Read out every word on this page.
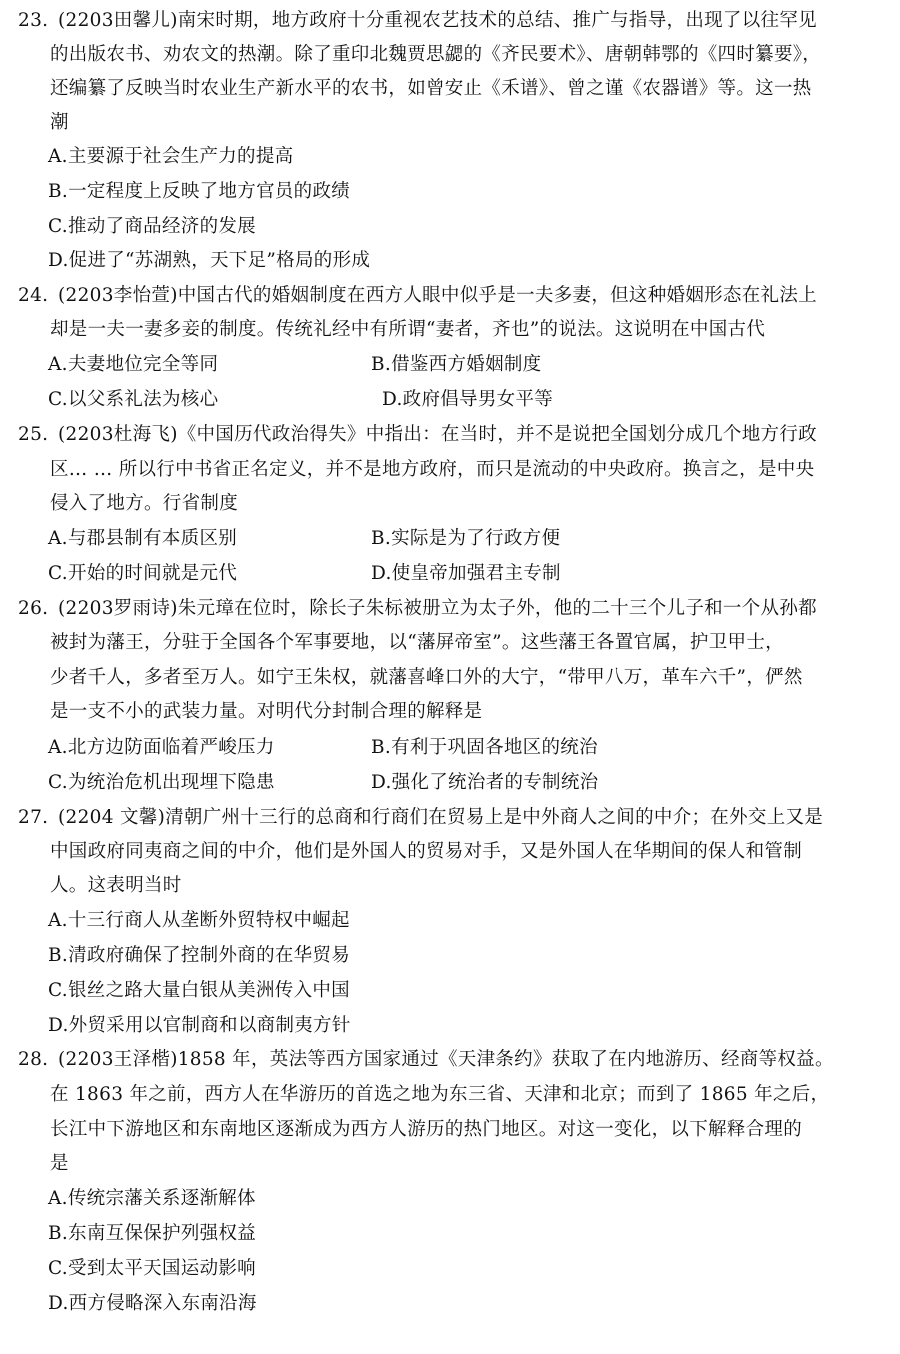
23. (2203田馨儿)南宋时期，地方政府十分重视农艺技术的总结、推广与指导，出现了以往罕见
的出版农书、劝农文的热潮。除了重印北魏贾思勰的《齐民要术》、唐朝韩鄂的《四时纂要》，
还编纂了反映当时农业生产新水平的农书，如曾安止《禾谱》、曾之谨《农器谱》等。这一热
潮
A.主要源于社会生产力的提高
B.一定程度上反映了地方官员的政绩
C.推动了商品经济的发展
D.促进了“苏湖熟，天下足”格局的形成
24. (2203李怡萱)中国古代的婚姻制度在西方人眼中似乎是一夫多妻，但这种婚姻形态在礼法上
却是一夫一妻多妾的制度。传统礼经中有所谓“妻者，齐也”的说法。这说明在中国古代
A.夫妻地位完全等同	B.借鉴西方婚姻制度
C.以父系礼法为核心	D.政府倡导男女平等
25. (2203杜海飞)《中国历代政治得失》中指出：在当时，并不是说把全国划分成几个地方行政
区… … 所以行中书省正名定义，并不是地方政府，而只是流动的中央政府。换言之，是中央
侵入了地方。行省制度
A.与郡县制有本质区别	B.实际是为了行政方便
C.开始的时间就是元代	D.使皇帝加强君主专制
26. (2203罗雨诗)朱元璋在位时，除长子朱标被册立为太子外，他的二十三个儿子和一个从孙都
被封为藩王，分驻于全国各个军事要地，以“藩屏帝室”。这些藩王各置官属，护卫甲士，
少者千人，多者至万人。如宁王朱权，就藩喜峰口外的大宁，“带甲八万，革车六千”，俨然
是一支不小的武装力量。对明代分封制合理的解释是
A.北方边防面临着严峻压力	B.有利于巩固各地区的统治
C.为统治危机出现埋下隐患	D.强化了统治者的专制统治
27. (2204 文馨)清朝广州十三行的总商和行商们在贸易上是中外商人之间的中介；在外交上又是
中国政府同夷商之间的中介，他们是外国人的贸易对手，又是外国人在华期间的保人和管制
人。这表明当时
A.十三行商人从垄断外贸特权中崛起
B.清政府确保了控制外商的在华贸易
C.银丝之路大量白银从美洲传入中国
D.外贸采用以官制商和以商制夷方针
28. (2203王泽楷)1858 年，英法等西方国家通过《天津条约》获取了在内地游历、经商等权益。
在 1863 年之前，西方人在华游历的首选之地为东三省、天津和北京；而到了 1865 年之后，
长江中下游地区和东南地区逐渐成为西方人游历的热门地区。对这一变化，以下解释合理的
是
A.传统宗藩关系逐渐解体
B.东南互保保护列强权益
C.受到太平天国运动影响
D.西方侵略深入东南沿海
